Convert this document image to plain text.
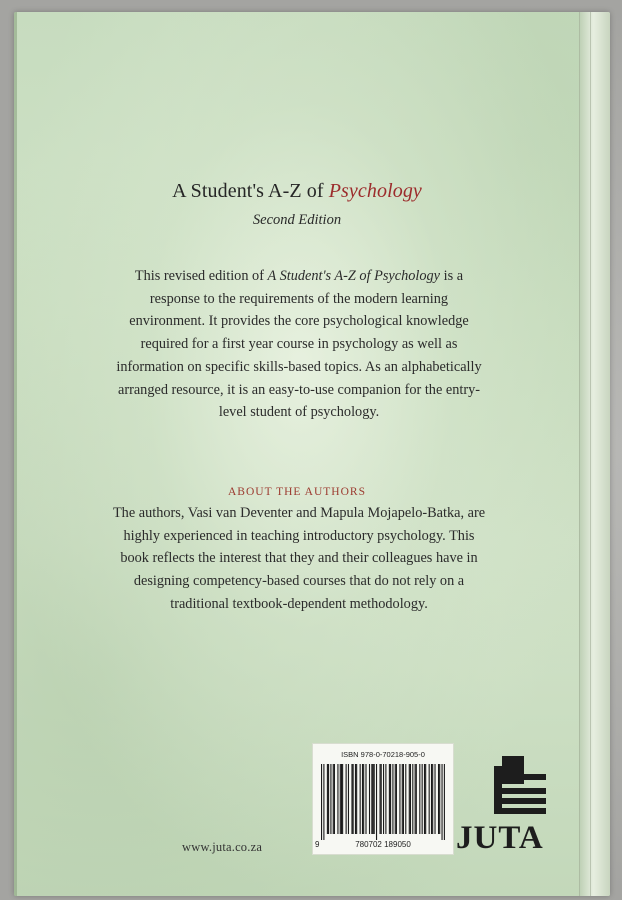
A Student's A-Z of Psychology
Second Edition
This revised edition of A Student's A-Z of Psychology is a response to the requirements of the modern learning environment. It provides the core psychological knowledge required for a first year course in psychology as well as information on specific skills-based topics. As an alphabetically arranged resource, it is an easy-to-use companion for the entry-level student of psychology.
ABOUT THE AUTHORS
The authors, Vasi van Deventer and Mapula Mojapelo-Batka, are highly experienced in teaching introductory psychology. This book reflects the interest that they and their colleagues have in designing competency-based courses that do not rely on a traditional textbook-dependent methodology.
www.juta.co.za
ISBN 978-0-70218-905-0
9	780702 189050	JUTA
